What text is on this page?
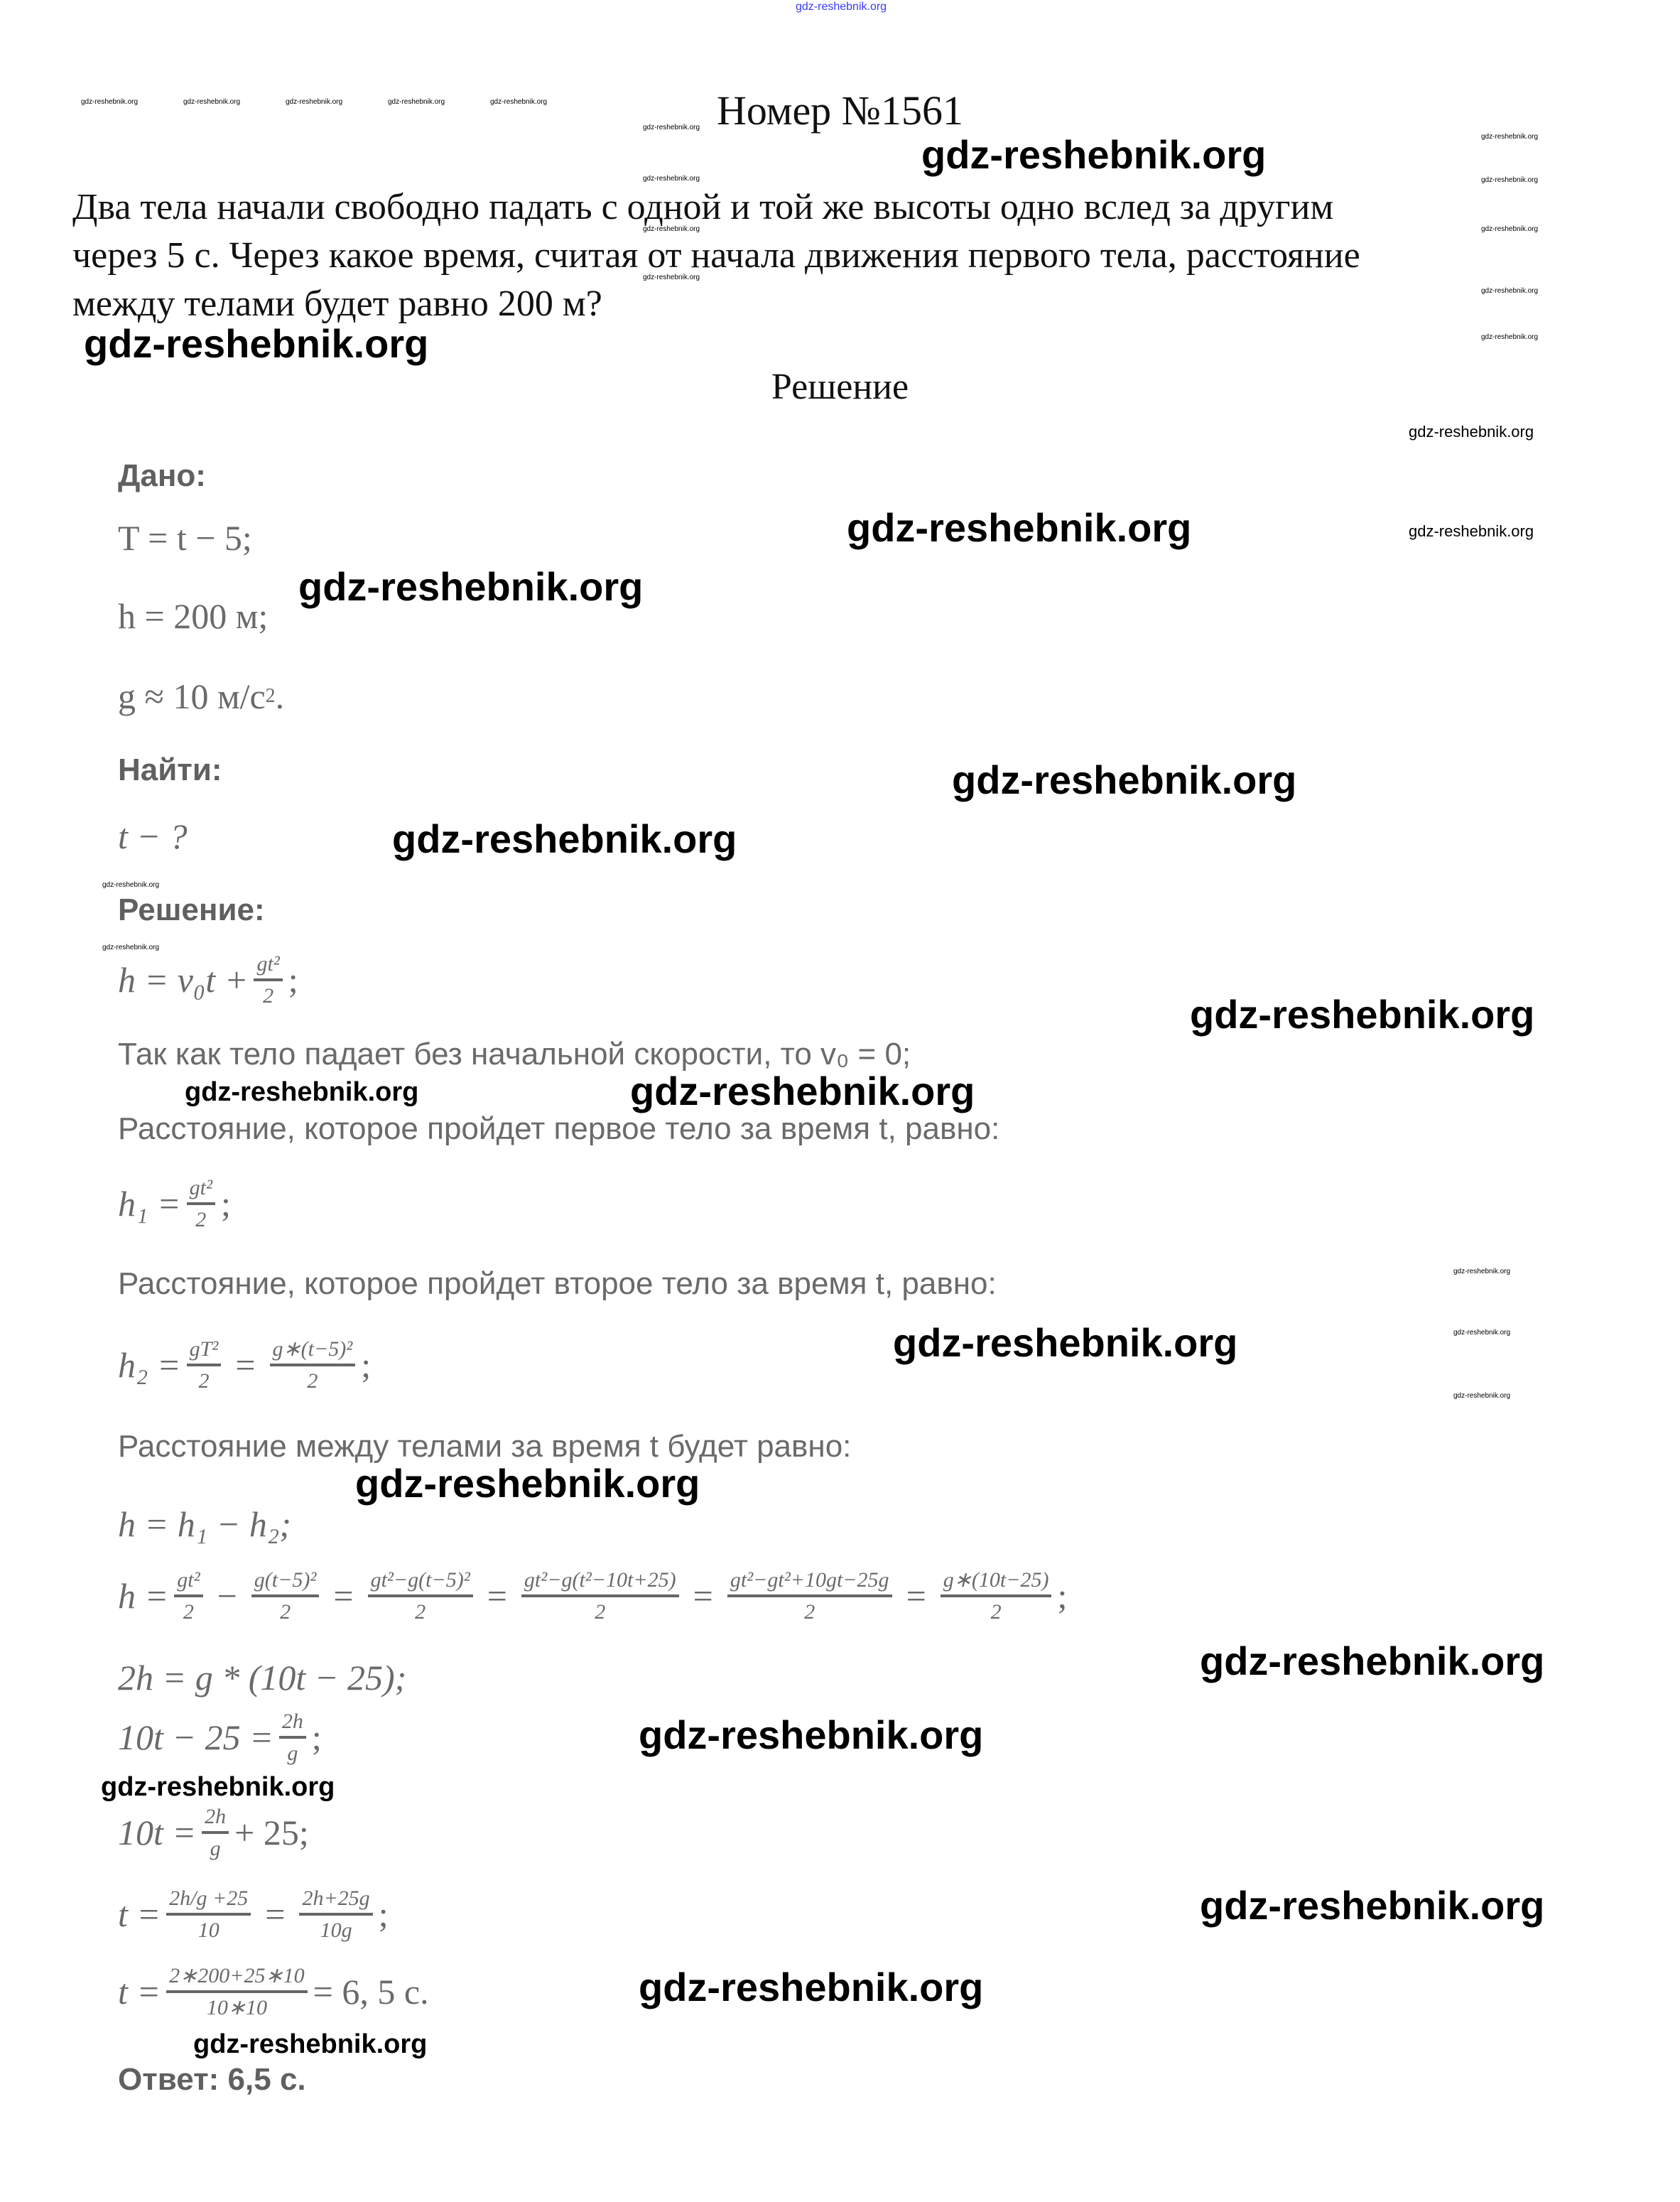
gdz-reshebnik.org
gdz-reshebnik.org	gdz-reshebnik.org	gdz-reshebnik.org	gdz-reshebnik.org	gdz-reshebnik.org
gdz-reshebnik.org
gdz-reshebnik.org
gdz-reshebnik.org
gdz-reshebnik.org
gdz-reshebnik.org
gdz-reshebnik.org
gdz-reshebnik.org
gdz-reshebnik.org
gdz-reshebnik.org
gdz-reshebnik.org
gdz-reshebnik.org
gdz-reshebnik.org
gdz-reshebnik.org
gdz-reshebnik.org
gdz-reshebnik.org
gdz-reshebnik.org
Номер №1561
Два тела начали свободно падать с одной и той же высоты одно вслед за другим
через 5 с. Через какое время, считая от начала движения первого тела, расстояние
между телами будет равно 200 м?
Решение
Дано:
T = t − 5;
h = 200 м;
g ≈ 10 м/с 2 .
Найти:
t − ?
Решение:
$h = v_0t + \frac{\text{gt²}}{2}$ ;
Так как тело падает без начальной скорости, то v₀ = 0;
Расстояние, которое пройдет первое тело за время t, равно:
$h_1 = \frac{\text{gt²}}{2}$ ;
Расстояние, которое пройдет второе тело за время t, равно:
$h_2 = \frac{\text{gT²}}{2} = \frac{\text{g∗(t−5)²}}{2}$ ;
Расстояние между телами за время t будет равно:
h = h₁ − h₂;
$h = \frac{\text{gt²}}{2} - \frac{\text{g(t−5)²}}{2} = \frac{\text{gt²−g(t−5)²}}{2} = \frac{\text{gt²−g(t²−10t+25)}}{2} = \frac{\text{gt²−gt²+10gt−25g}}{2} = \frac{g∗(10t-25)}{2}$ ;
2h = g * (10t − 25);
$10t - 25 = \frac{2h}{g}$ ;
$10t = \frac{2h}{g} + 25$;
$t = \frac{2h/g +25}{10} = \frac{2h+25g}{10g}$ ;
$t = \frac{2∗200+25∗10}{10∗10} = 6$, 5 с.
Ответ: 6,5 с.
gdz-reshebnik.org
gdz-reshebnik.org
gdz-reshebnik.org
gdz-reshebnik.org
gdz-reshebnik.org
gdz-reshebnik.org
gdz-reshebnik.org
gdz-reshebnik.org
gdz-reshebnik.org
gdz-reshebnik.org
gdz-reshebnik.org
gdz-reshebnik.org
gdz-reshebnik.org
gdz-reshebnik.org
gdz-reshebnik.org
gdz-reshebnik.org
gdz-reshebnik.org
